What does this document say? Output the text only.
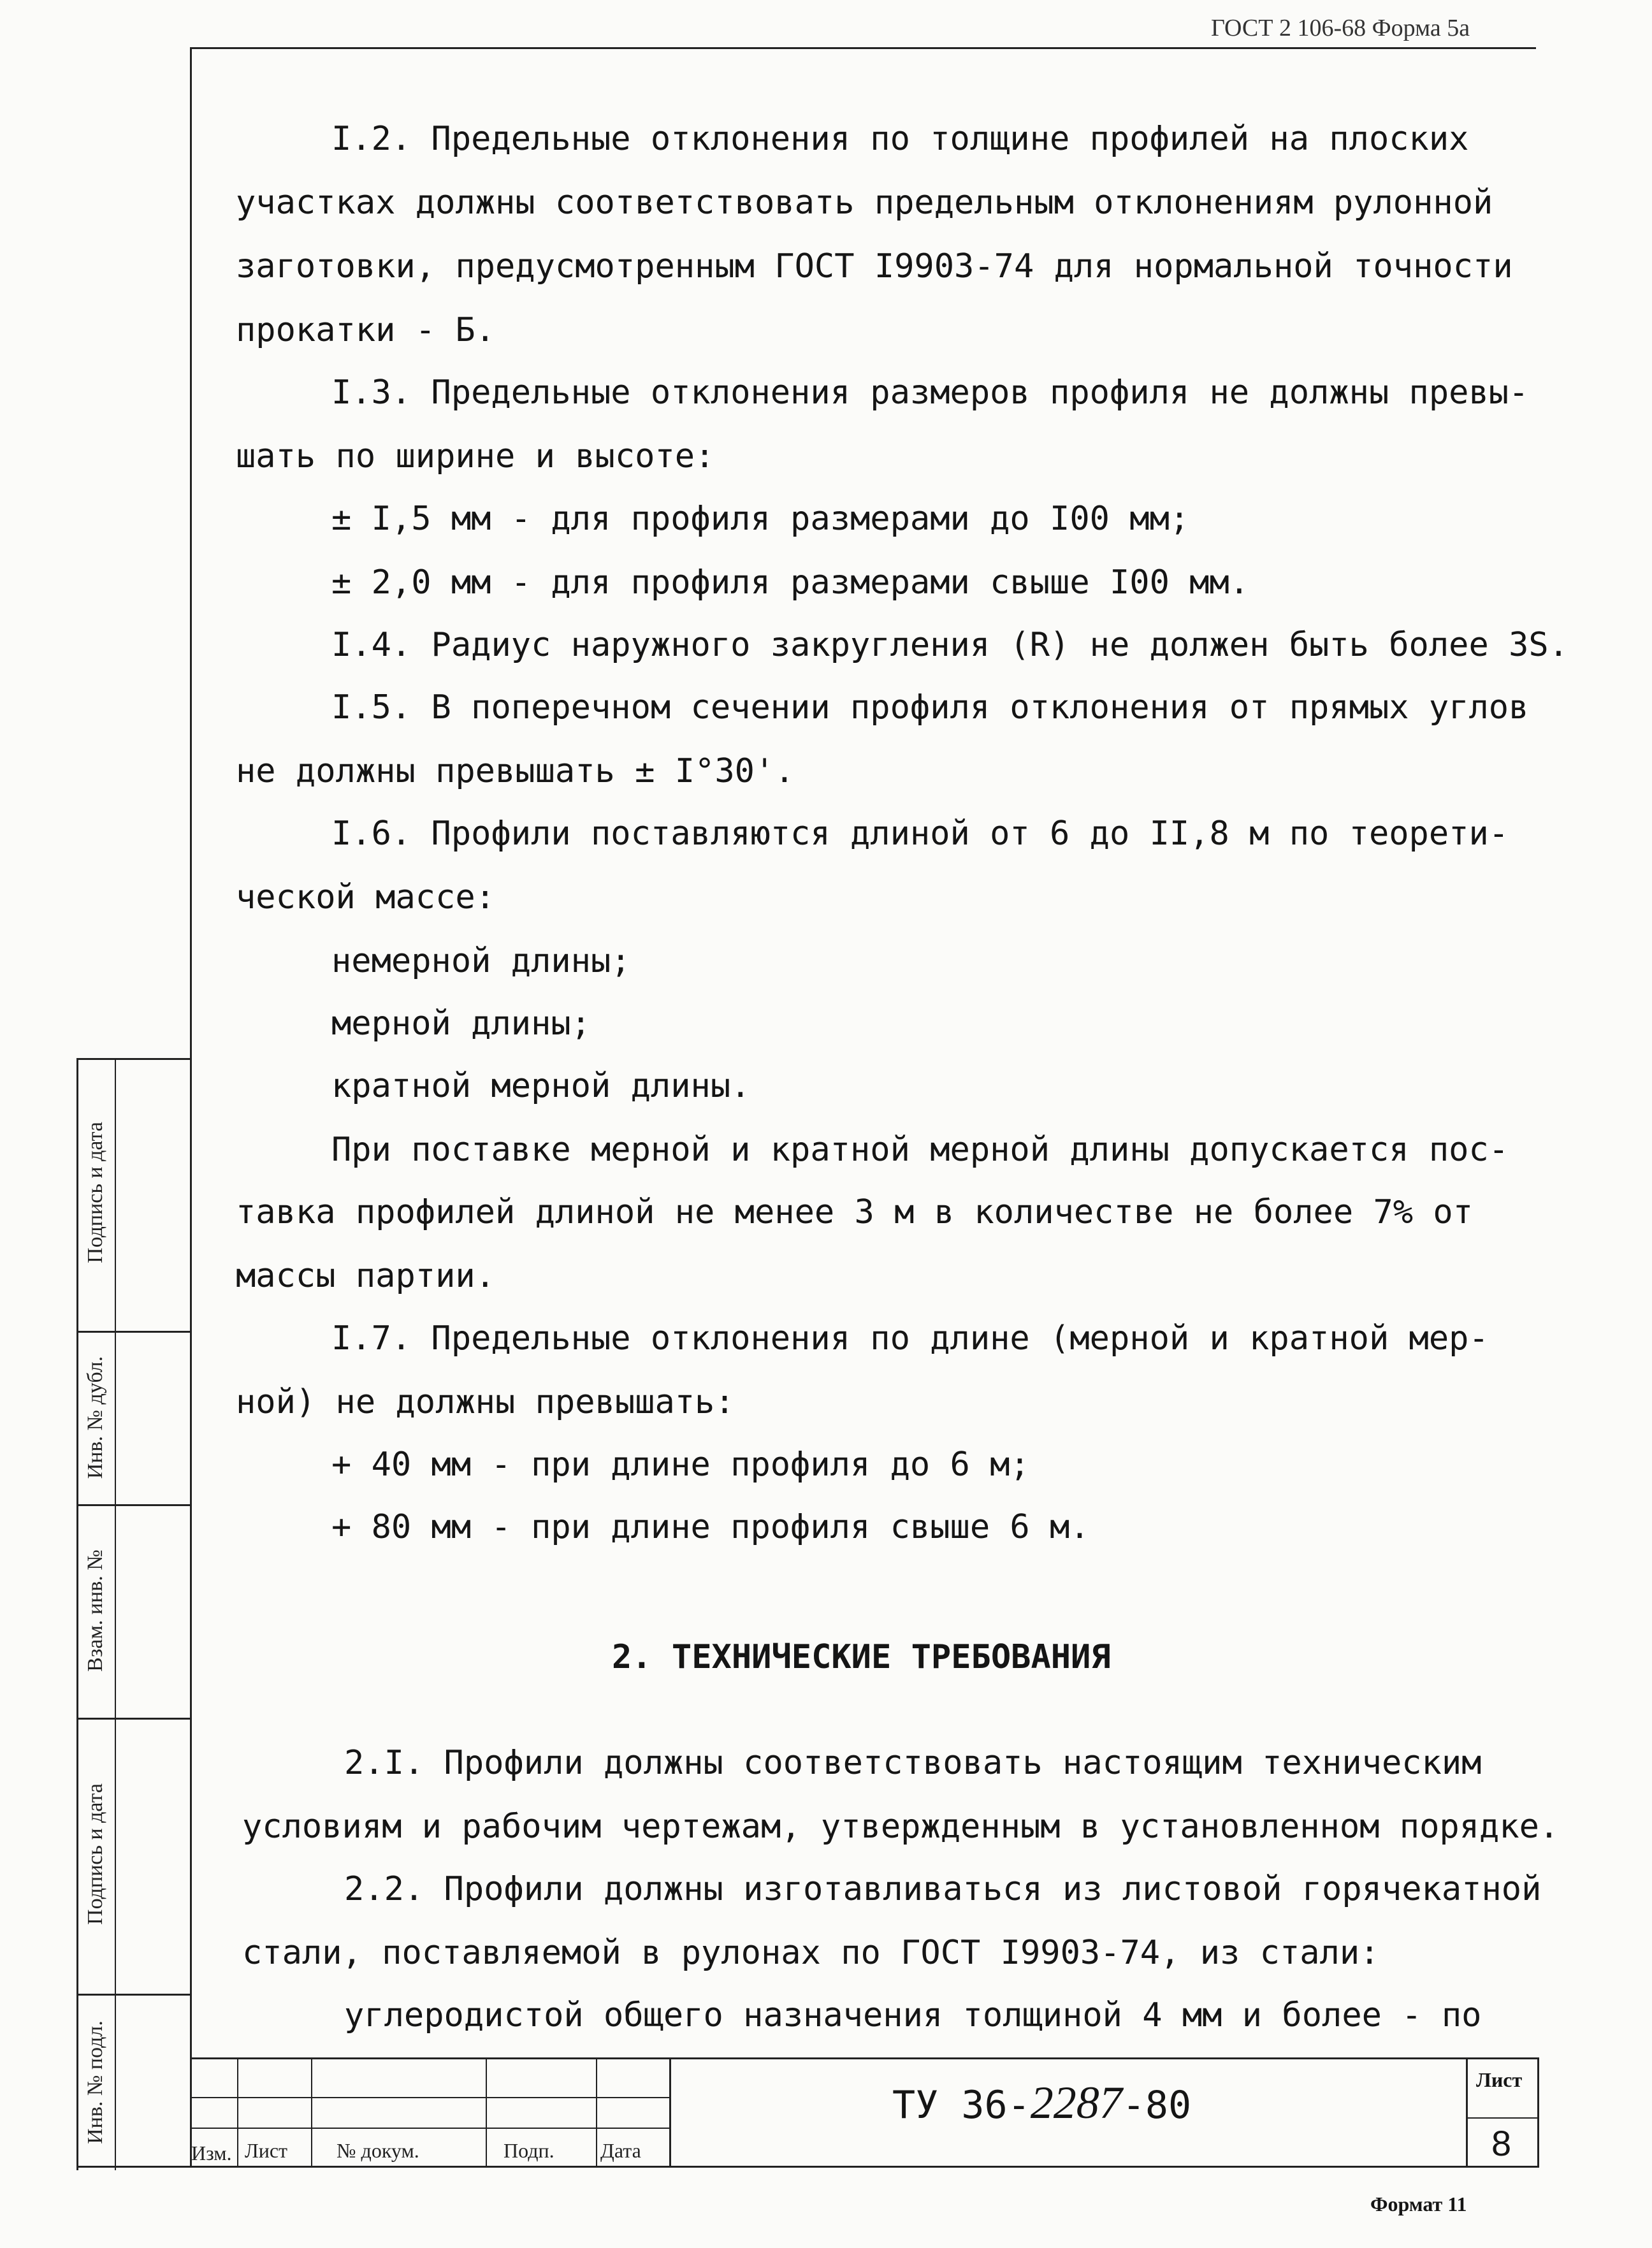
ГОСТ 2 106-68 Форма 5а
I.2. Предельные отклонения по толщине профилей на плоских
участках должны соответствовать предельным отклонениям рулонной
заготовки, предусмотренным ГОСТ I9903-74 для нормальной точности
прокатки - Б.
I.3. Предельные отклонения размеров профиля не должны превы-
шать по ширине и высоте:
± I,5 мм - для профиля размерами до I00 мм;
± 2,0 мм - для профиля размерами свыше I00 мм.
I.4. Радиус наружного закругления (R) не должен быть более 3S.
I.5. В поперечном сечении профиля отклонения от прямых углов
не должны превышать ± I°30'.
I.6. Профили поставляются длиной от 6 до II,8 м по теорети-
ческой массе:
немерной длины;
мерной длины;
кратной мерной длины.
При поставке мерной и кратной мерной длины допускается пос-
тавка профилей длиной не менее 3 м в количестве не более 7% от
массы партии.
I.7. Предельные отклонения по длине (мерной и кратной мер-
ной) не должны превышать:
+ 40 мм - при длине профиля до 6 м;
+ 80 мм - при длине профиля свыше 6 м.
2. ТЕХНИЧЕСКИЕ ТРЕБОВАНИЯ
2.I. Профили должны соответствовать настоящим техническим
условиям и рабочим чертежам, утвержденным в установленном порядке.
2.2. Профили должны изготавливаться из листовой горячекатной
стали, поставляемой в рулонах по ГОСТ I9903-74, из стали:
углеродистой общего назначения толщиной 4 мм и более - по
Подпись и дата
Инв. № дубл.
Взам. инв. №
Подпись и дата
Инв. № подл.
Изм. Лист № докум.	Подп. Дата
ТУ 36-2287-80
Лист
8
Формат 11
